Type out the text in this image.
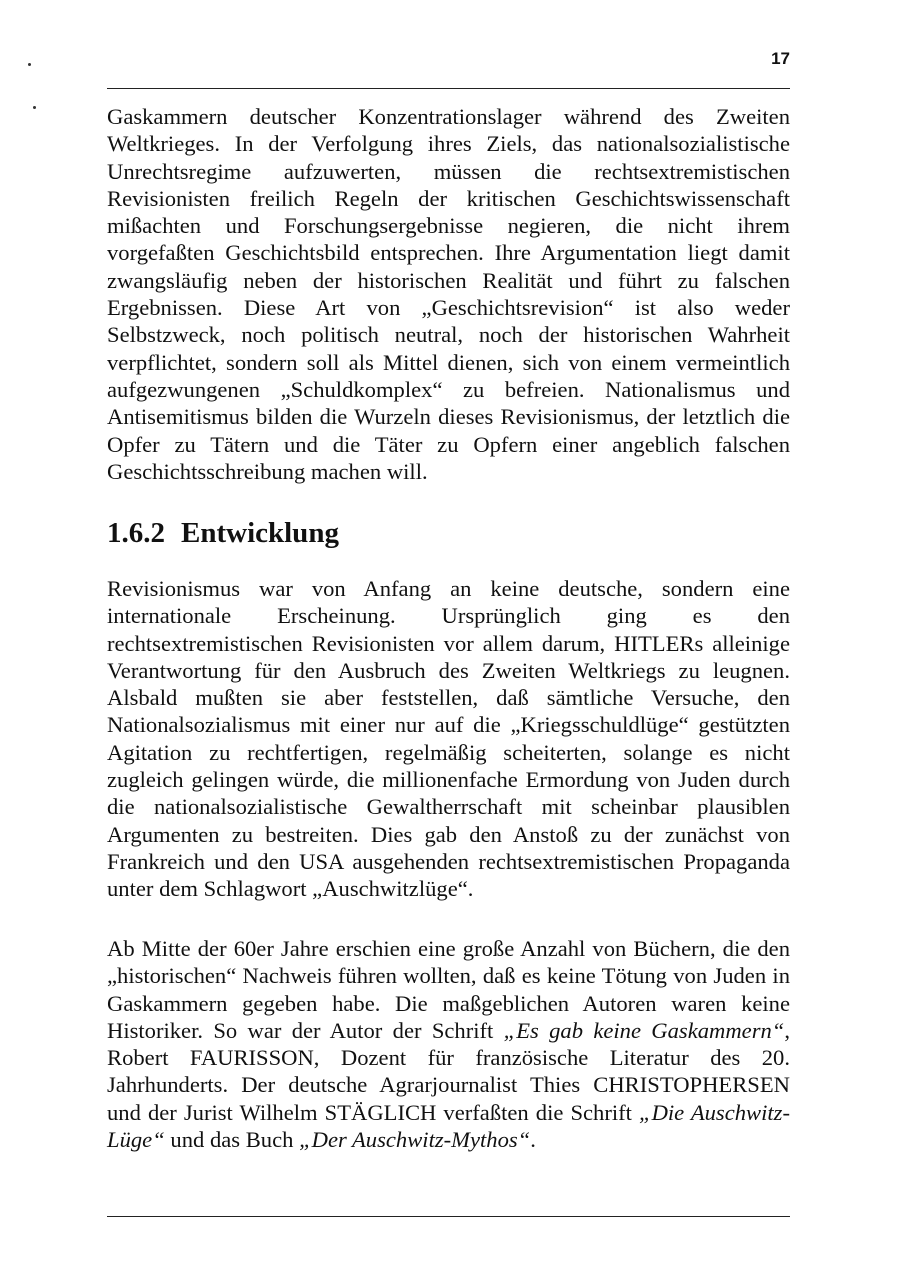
17

Gaskammern deutscher Konzentrationslager während des Zweiten Weltkrieges. In der Verfolgung ihres Ziels, das nationalsozialistische Unrechtsregime aufzuwerten, müssen die rechtsextremistischen Revisionisten freilich Regeln der kritischen Geschichtswissenschaft mißachten und Forschungsergebnisse negieren, die nicht ihrem vorgefaßten Geschichtsbild entsprechen. Ihre Argumentation liegt damit zwangsläufig neben der historischen Realität und führt zu falschen Ergebnissen. Diese Art von „Geschichtsrevision“ ist also weder Selbstzweck, noch politisch neutral, noch der historischen Wahrheit verpflichtet, sondern soll als Mittel dienen, sich von einem vermeintlich aufgezwungenen „Schuldkomplex“ zu befreien. Nationalismus und Antisemitismus bilden die Wurzeln dieses Revisionismus, der letztlich die Opfer zu Tätern und die Täter zu Opfern einer angeblich falschen Geschichtsschreibung machen will.

1.6.2 Entwicklung

Revisionismus war von Anfang an keine deutsche, sondern eine internationale Erscheinung. Ursprünglich ging es den rechtsextremistischen Revisionisten vor allem darum, HITLERs alleinige Verantwortung für den Ausbruch des Zweiten Weltkriegs zu leugnen. Alsbald mußten sie aber feststellen, daß sämtliche Versuche, den Nationalsozialismus mit einer nur auf die „Kriegsschuldlüge“ gestützten Agitation zu rechtfertigen, regelmäßig scheiterten, solange es nicht zugleich gelingen würde, die millionenfache Ermordung von Juden durch die nationalsozialistische Gewaltherrschaft mit scheinbar plausiblen Argumenten zu bestreiten. Dies gab den Anstoß zu der zunächst von Frankreich und den USA ausgehenden rechtsextremistischen Propaganda unter dem Schlagwort „Auschwitzlüge“.

Ab Mitte der 60er Jahre erschien eine große Anzahl von Büchern, die den „historischen“ Nachweis führen wollten, daß es keine Tötung von Juden in Gaskammern gegeben habe. Die maßgeblichen Autoren waren keine Historiker. So war der Autor der Schrift „Es gab keine Gaskammern“, Robert FAURISSON, Dozent für französische Literatur des 20. Jahrhunderts. Der deutsche Agrarjournalist Thies CHRISTOPHERSEN und der Jurist Wilhelm STÄGLICH verfaßten die Schrift „Die Auschwitz-Lüge“ und das Buch „Der Auschwitz-Mythos“.
